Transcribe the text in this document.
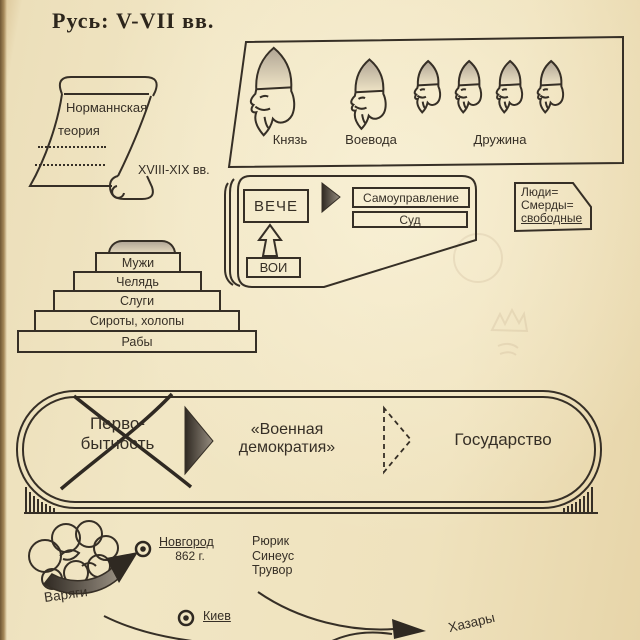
Русь: V-VII вв.
Норманнская
теория
XVIII-XIX вв.
Князь	Воевода	Дружина
ВЕЧЕ	Самоуправление
Суд
ВОИ
Люди=
Смерды=
свободные
Мужи
Челядь
Слуги
Сироты, холопы
Рабы
Перво-
бытность
«Военная
демократия»	Государство
Варяги
Новгород
862 г.
Рюрик
Синеус
Трувор
Киев	Хазары
